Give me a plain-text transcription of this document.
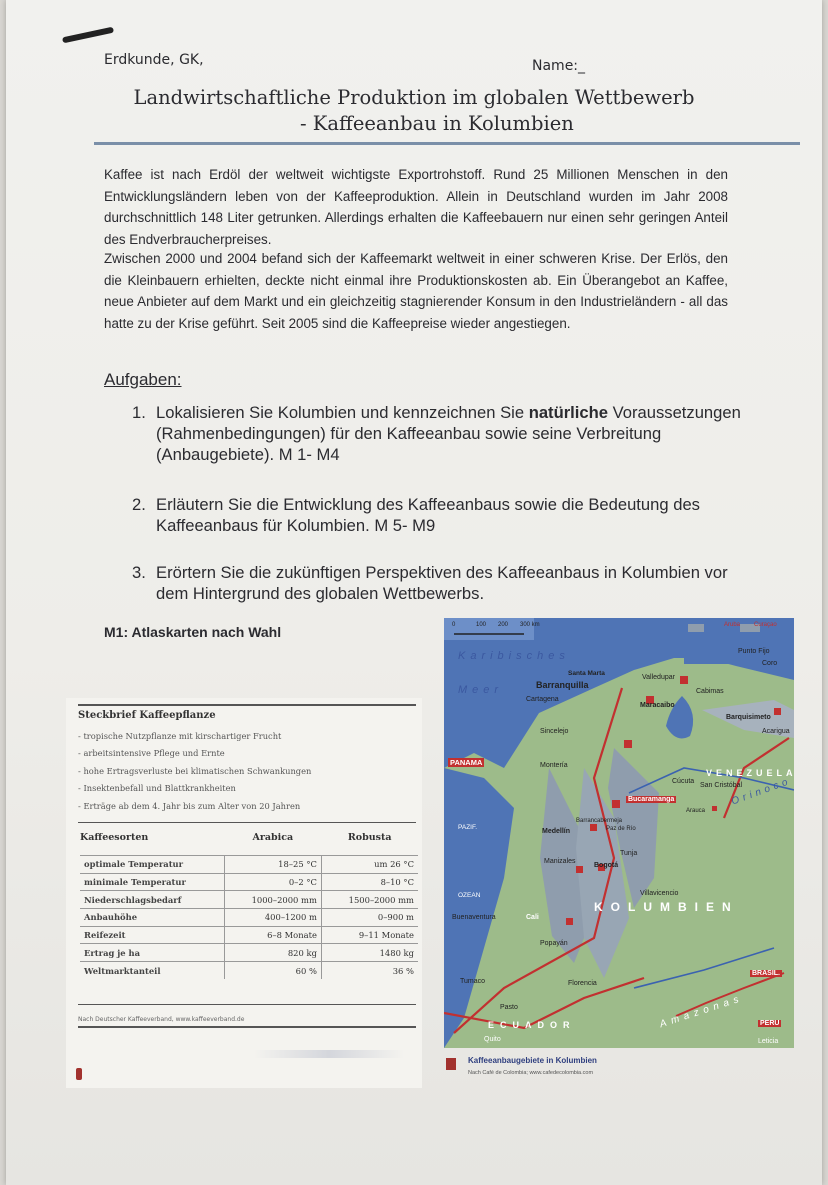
Erdkunde, GK,	Name:_
Landwirtschaftliche Produktion im globalen Wettbewerb
- Kaffeeanbau in Kolumbien

Kaffee ist nach Erdöl der weltweit wichtigste Exportrohstoff. Rund 25 Millionen Menschen in den Entwicklungsländern leben von der Kaffeeproduktion. Allein in Deutschland wurden im Jahr 2008 durchschnittlich 148 Liter getrunken. Allerdings erhalten die Kaffeebauern nur einen sehr geringen Anteil des Endverbraucherpreises.

Zwischen 2000 und 2004 befand sich der Kaffeemarkt weltweit in einer schweren Krise. Der Erlös, den die Kleinbauern erhielten, deckte nicht einmal ihre Produktionskosten ab. Ein Überangebot an Kaffee, neue Anbieter auf dem Markt und ein gleichzeitig stagnierender Konsum in den Industrieländern - all das hatte zu der Krise geführt. Seit 2005 sind die Kaffeepreise wieder angestiegen.

Aufgaben:
1. Lokalisieren Sie Kolumbien und kennzeichnen Sie natürliche Voraussetzungen (Rahmenbedingungen) für den Kaffeeanbau sowie seine Verbreitung (Anbaugebiete). M 1- M4
2. Erläutern Sie die Entwicklung des Kaffeeanbaus sowie die Bedeutung des Kaffeeanbaus für Kolumbien. M 5- M9
3. Erörtern Sie die zukünftigen Perspektiven des Kaffeeanbaus in Kolumbien vor dem Hintergrund des globalen Wettbewerbs.
M1: Atlaskarten nach Wahl
Steckbrief Kaffeepflanze
- tropische Nutzpflanze mit kirschartiger Frucht
- arbeitsintensive Pflege und Ernte
- hohe Ertragsverluste bei klimatischen Schwankungen
- Insektenbefall und Blattkrankheiten
- Erträge ab dem 4. Jahr bis zum Alter von 20 Jahren
Kaffeesorten	Arabica	Robusta
optimale Temperatur	18–25 °C	um 26 °C
minimale Temperatur	0–2 °C	8–10 °C
Niederschlagsbedarf	1000–2000 mm	1500–2000 mm
Anbauhöhe	400–1200 m	0–900 m
Reifezeit	6–8 Monate	9–11 Monate
Ertrag je ha	820 kg	1480 kg
Weltmarktanteil	60 %	36 %
Nach Deutscher Kaffeeverband, www.kaffeeverband.de
0	100 200 300 km	Aruba Curaçao
Punto Fijo
Coro
Karibisches
Meer
Santa Marta
Barranquilla
Cartagena
Valledupar
Maracaibo
Cabimas
Barquisimeto
Acarigua
Sincelejo
PANAMA	Montería
VENEZUELA
Cúcuta
San Cristóbal
Bucaramanga	Orinoco
Arauca
Barrancabermeja
Medellín	Paz de Río
PAZIF.
OZEAN
Manizales
Tunja
Bogotá
Villavicencio
KOLUMBIEN
Buenaventura	Cali
Popayán
Tumaco	Florencia
Pasto
BRASIL.
Amazonas
ECUADOR
Quito
PERU
Leticia
Kaffeeanbaugebiete in Kolumbien
Nach Café de Colombia; www.cafedecolombia.com
